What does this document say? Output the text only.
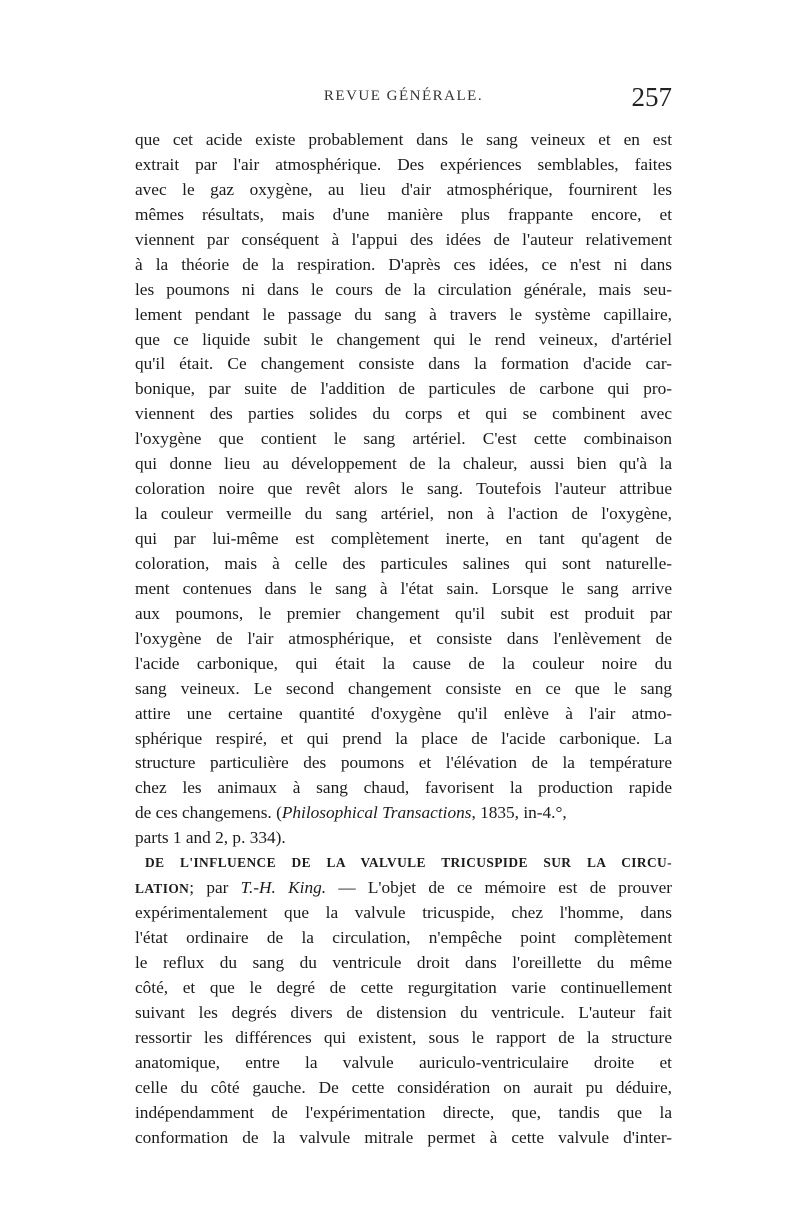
REVUE GÉNÉRALE.	257
que cet acide existe probablement dans le sang veineux et en est
extrait par l'air atmosphérique. Des expériences semblables, faites
avec le gaz oxygène, au lieu d'air atmosphérique, fournirent les
mêmes résultats, mais d'une manière plus frappante encore, et
viennent par conséquent à l'appui des idées de l'auteur relativement
à la théorie de la respiration. D'après ces idées, ce n'est ni dans
les poumons ni dans le cours de la circulation générale, mais seu-
lement pendant le passage du sang à travers le système capillaire,
que ce liquide subit le changement qui le rend veineux, d'artériel
qu'il était. Ce changement consiste dans la formation d'acide car-
bonique, par suite de l'addition de particules de carbone qui pro-
viennent des parties solides du corps et qui se combinent avec
l'oxygène que contient le sang artériel. C'est cette combinaison
qui donne lieu au développement de la chaleur, aussi bien qu'à la
coloration noire que revêt alors le sang. Toutefois l'auteur attribue
la couleur vermeille du sang artériel, non à l'action de l'oxygène,
qui par lui-même est complètement inerte, en tant qu'agent de
coloration, mais à celle des particules salines qui sont naturelle-
ment contenues dans le sang à l'état sain. Lorsque le sang arrive
aux poumons, le premier changement qu'il subit est produit par
l'oxygène de l'air atmosphérique, et consiste dans l'enlèvement de
l'acide carbonique, qui était la cause de la couleur noire du
sang veineux. Le second changement consiste en ce que le sang
attire une certaine quantité d'oxygène qu'il enlève à l'air atmo-
sphérique respiré, et qui prend la place de l'acide carbonique. La
structure particulière des poumons et l'élévation de la température
chez les animaux à sang chaud, favorisent la production rapide
de ces changemens. (Philosophical Transactions, 1835, in-4.°,
parts 1 and 2, p. 334).
DE L'INFLUENCE DE LA VALVULE TRICUSPIDE SUR LA CIRCU-
LATION; par T.-H. King. — L'objet de ce mémoire est de prouver
expérimentalement que la valvule tricuspide, chez l'homme, dans
l'état ordinaire de la circulation, n'empêche point complètement
le reflux du sang du ventricule droit dans l'oreillette du même
côté, et que le degré de cette regurgitation varie continuellement
suivant les degrés divers de distension du ventricule. L'auteur fait
ressortir les différences qui existent, sous le rapport de la structure
anatomique, entre la valvule auriculo-ventriculaire droite et
celle du côté gauche. De cette considération on aurait pu déduire,
indépendamment de l'expérimentation directe, que, tandis que la
conformation de la valvule mitrale permet à cette valvule d'inter-
